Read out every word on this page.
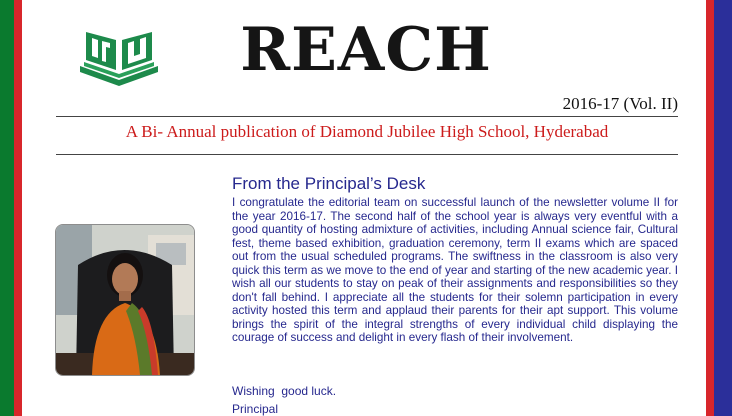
REACH
2016-17 (Vol. II)
A Bi- Annual publication of Diamond Jubilee High School, Hyderabad
From the Principal’s Desk

I congratulate the editorial team on successful launch of the newsletter volume II for the year 2016-17. The second half of the school year is always very eventful with a good quantity of hosting admixture of activities, including Annual science fair, Cultural fest, theme based exhibition, graduation ceremony, term II exams which are spaced out from the usual scheduled programs. The swiftness in the classroom is also very quick this term as we move to the end of year and starting of the new academic year. I wish all our students to stay on peak of their assignments and responsibilities so they don't fall behind. I appreciate all the students for their solemn participation in every activity hosted this term and applaud their parents for their apt support. This volume brings the spirit of the integral strengths of every individual child displaying the courage of success and delight in every flash of their involvement.

Wishing  good luck.
Principal
